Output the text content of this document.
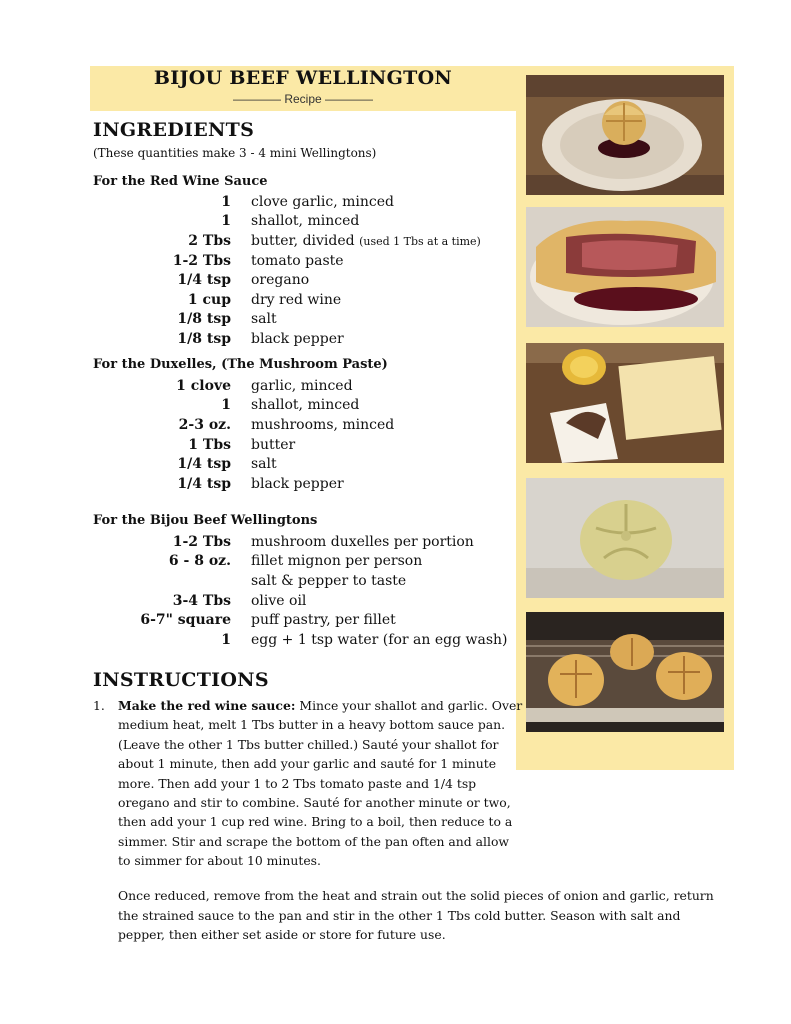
BIJOU BEEF WELLINGTON
———— Recipe ————
INGREDIENTS
(These quantities make 3 - 4 mini Wellingtons)
For the Red Wine Sauce
1	clove garlic, minced
1	shallot, minced
2 Tbs	butter, divided (used 1 Tbs at a time)
1-2 Tbs	tomato paste
1/4 tsp	oregano
1 cup	dry red wine
1/8 tsp	salt
1/8 tsp	black pepper
For the Duxelles, (The Mushroom Paste)
1 clove	garlic, minced
1	shallot, minced
2-3 oz.	mushrooms, minced
1 Tbs	butter
1/4 tsp	salt
1/4 tsp	black pepper
For the Bijou Beef Wellingtons
1-2 Tbs	mushroom duxelles per portion
6 - 8 oz.	fillet mignon per person
salt & pepper to taste
3-4 Tbs	olive oil
6-7" square	puff pastry, per fillet
1	egg + 1 tsp water (for an egg wash)
INSTRUCTIONS
1.	Make the red wine sauce: Mince your shallot and garlic. Over medium heat, melt 1 Tbs butter in a heavy bottom sauce pan. (Leave the other 1 Tbs butter chilled.) Sauté your shallot for about 1 minute, then add your garlic and sauté for 1 minute more. Then add your 1 to 2 Tbs tomato paste and 1/4 tsp oregano and stir to combine. Sauté for another minute or two, then add your 1 cup red wine. Bring to a boil, then reduce to a simmer. Stir and scrape the bottom of the pan often and allow to simmer for about 10 minutes.
Once reduced, remove from the heat and strain out the solid pieces of onion and garlic, return the strained sauce to the pan and stir in the other 1 Tbs cold butter. Season with salt and pepper, then either set aside or store for future use.
